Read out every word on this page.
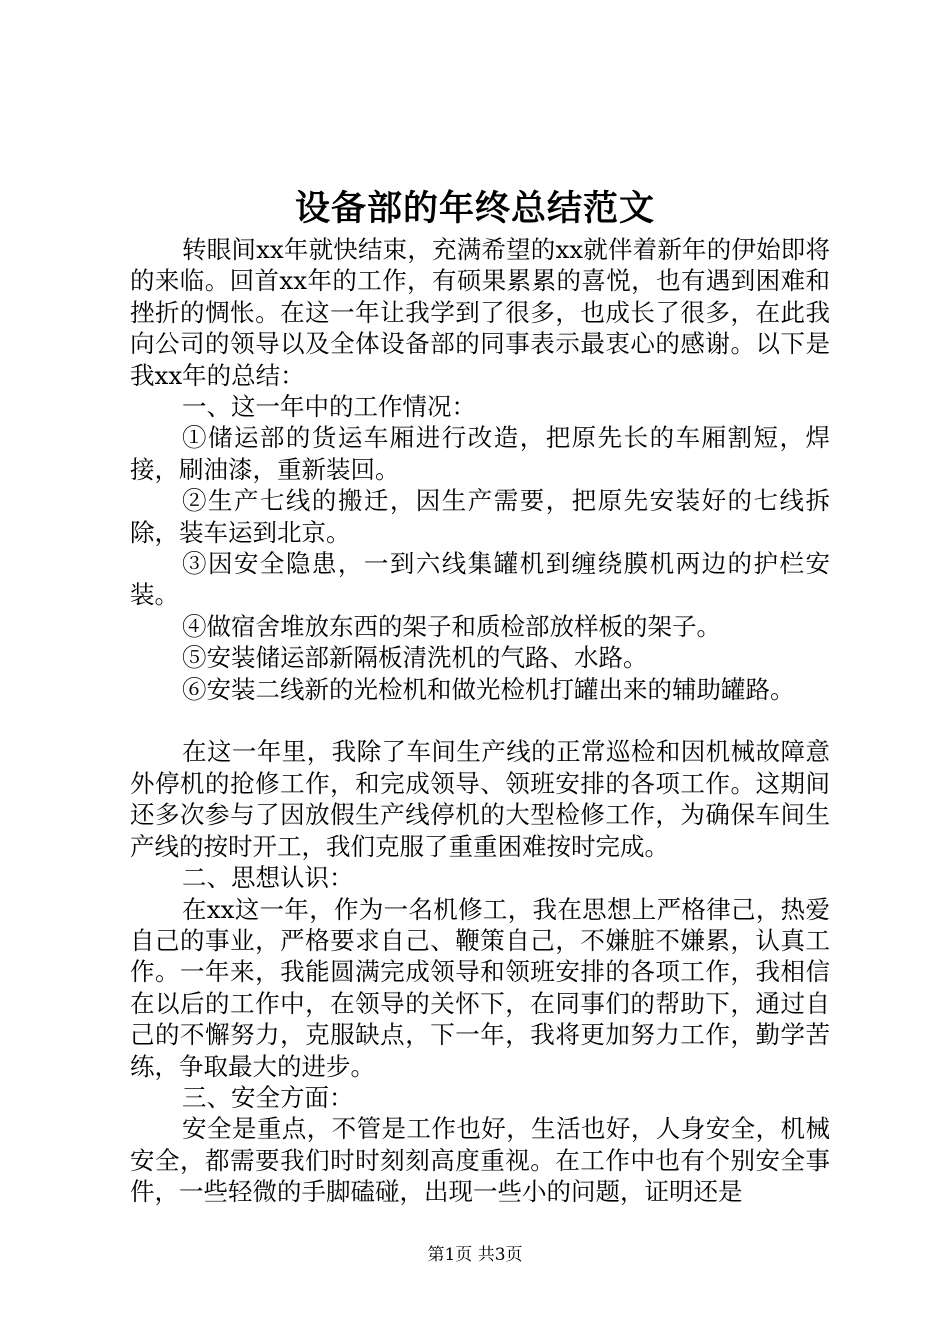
设备部的年终总结范文

转眼间xx年就快结束，充满希望的xx就伴着新年的伊始即将的来临。回首xx年的工作，有硕果累累的喜悦，也有遇到困难和挫折的惆怅。在这一年让我学到了很多，也成长了很多，在此我向公司的领导以及全体设备部的同事表示最衷心的感谢。以下是我xx年的总结：

一、这一年中的工作情况：

①储运部的货运车厢进行改造，把原先长的车厢割短，焊接，刷油漆，重新装回。

②生产七线的搬迁，因生产需要，把原先安装好的七线拆除，装车运到北京。

③因安全隐患，一到六线集罐机到缠绕膜机两边的护栏安装。

④做宿舍堆放东西的架子和质检部放样板的架子。

⑤安装储运部新隔板清洗机的气路、水路。

⑥安装二线新的光检机和做光检机打罐出来的辅助罐路。

在这一年里，我除了车间生产线的正常巡检和因机械故障意外停机的抢修工作，和完成领导、领班安排的各项工作。这期间还多次参与了因放假生产线停机的大型检修工作，为确保车间生产线的按时开工，我们克服了重重困难按时完成。

二、思想认识：

在xx这一年，作为一名机修工，我在思想上严格律己，热爱自己的事业，严格要求自己、鞭策自己，不嫌脏不嫌累，认真工作。一年来，我能圆满完成领导和领班安排的各项工作，我相信在以后的工作中，在领导的关怀下，在同事们的帮助下，通过自己的不懈努力，克服缺点，下一年，我将更加努力工作，勤学苦练，争取最大的进步。

三、安全方面：

安全是重点，不管是工作也好，生活也好，人身安全，机械安全，都需要我们时时刻刻高度重视。在工作中也有个别安全事件，一些轻微的手脚磕碰，出现一些小的问题，证明还是

第1页 共3页
